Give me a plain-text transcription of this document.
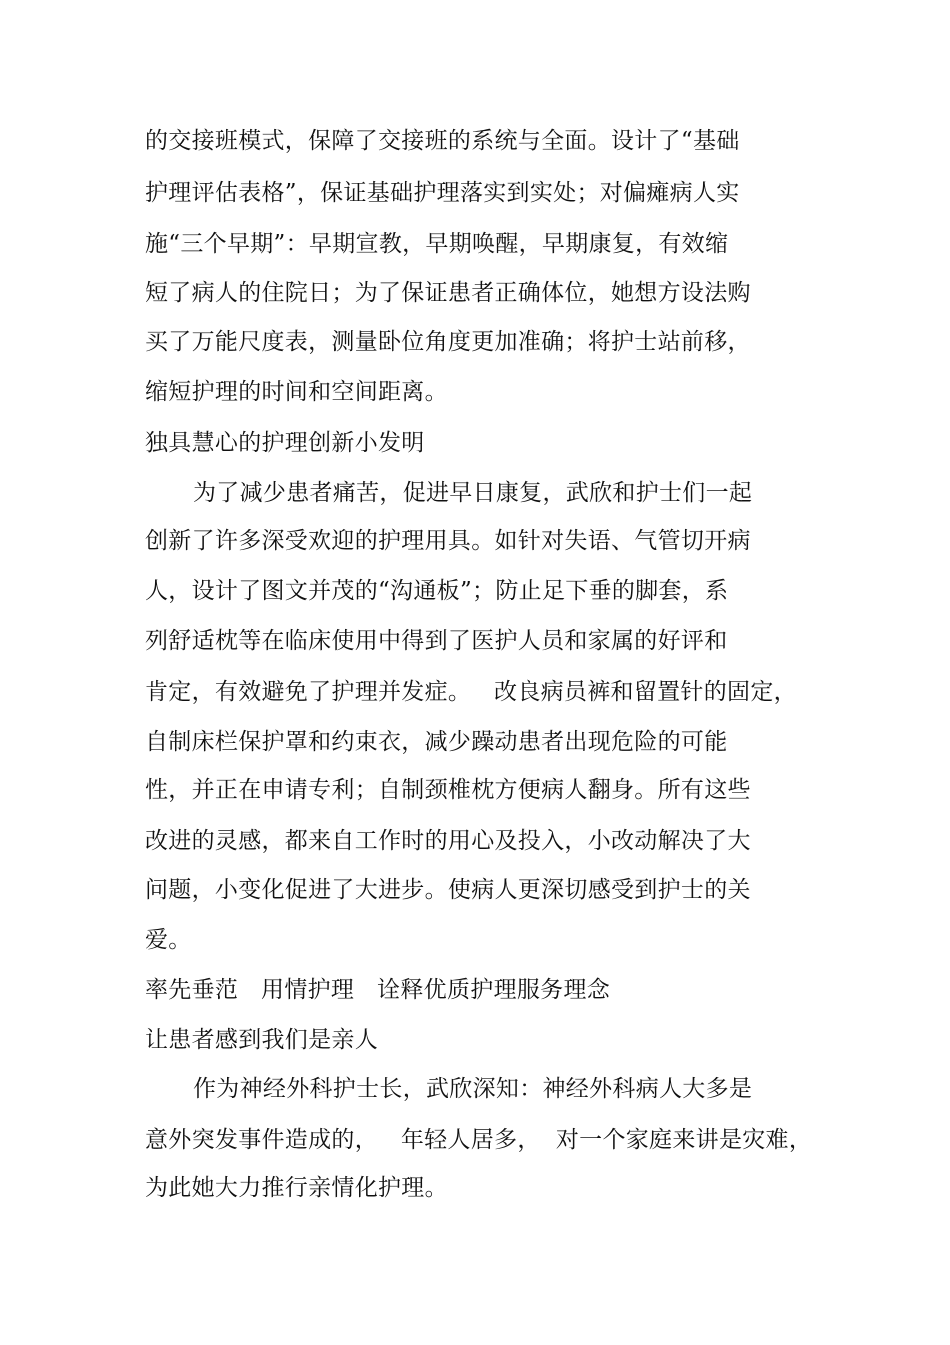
的交接班模式，保障了交接班的系统与全面。设计了“基础
护理评估表格”，保证基础护理落实到实处；对偏瘫病人实
施“三个早期”：早期宣教，早期唤醒，早期康复，有效缩
短了病人的住院日；为了保证患者正确体位，她想方设法购
买了万能尺度表，测量卧位角度更加准确；将护士站前移，
缩短护理的时间和空间距离。
独具慧心的护理创新小发明
为了减少患者痛苦，促进早日康复，武欣和护士们一起
创新了许多深受欢迎的护理用具。如针对失语、气管切开病
人，设计了图文并茂的“沟通板”；防止足下垂的脚套，系
列舒适枕等在临床使用中得到了医护人员和家属的好评和
肯定，有效避免了护理并发症。   改良病员裤和留置针的固定，
自制床栏保护罩和约束衣，减少躁动患者出现危险的可能
性，并正在申请专利；自制颈椎枕方便病人翻身。所有这些
改进的灵感，都来自工作时的用心及投入，小改动解决了大
问题，小变化促进了大进步。使病人更深切感受到护士的关
爱。
率先垂范   用情护理   诠释优质护理服务理念
让患者感到我们是亲人
作为神经外科护士长，武欣深知：神经外科病人大多是
意外突发事件造成的，   年轻人居多，  对一个家庭来讲是灾难，
为此她大力推行亲情化护理。
